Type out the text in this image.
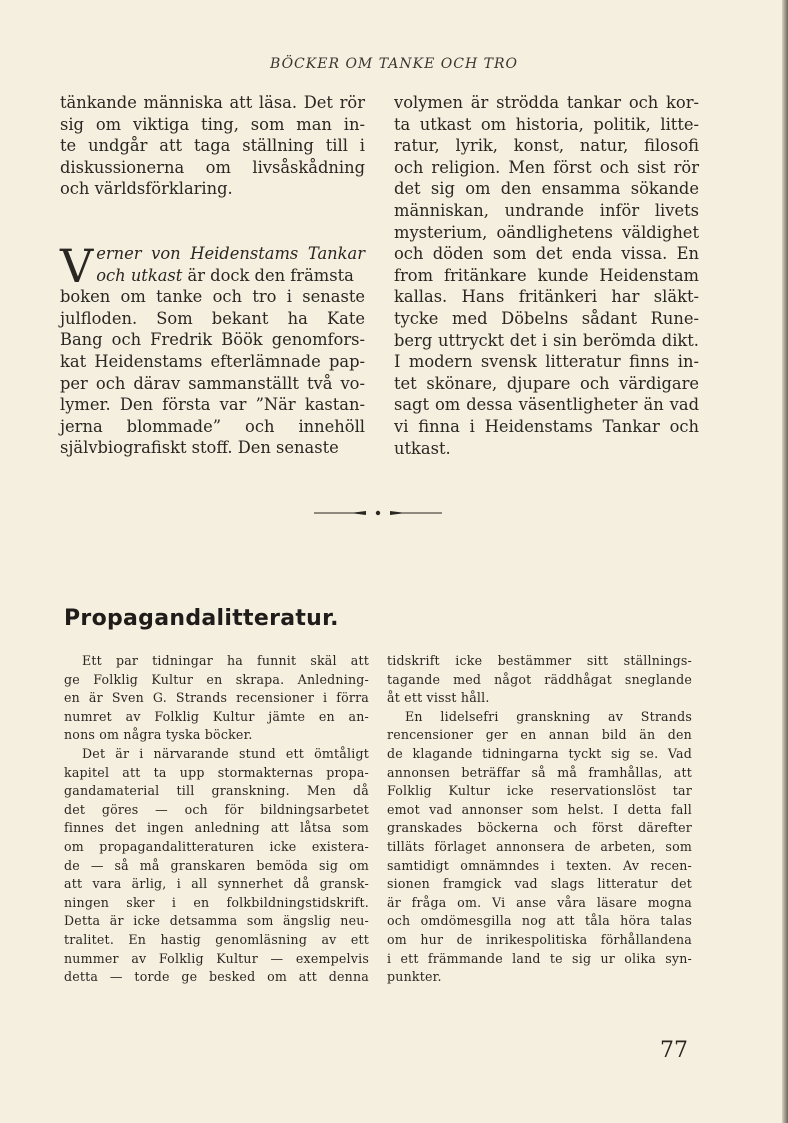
BÖCKER OM TANKE OCH TRO
tänkande människa att läsa. Det rör
sig om viktiga ting, som man in-
te undgår att taga ställning till i
diskussionerna om livsåskådning
och världsförklaring.
V erner von Heidenstams Tankar
och utkast är dock den främsta
boken om tanke och tro i senaste
julfloden. Som bekant ha Kate
Bang och Fredrik Böök genomfors-
kat Heidenstams efterlämnade pap-
per och därav sammanställt två vo-
lymer. Den första var ”När kastan-
jerna blommade” och innehöll
självbiografiskt stoff. Den senaste
volymen är strödda tankar och kor-
ta utkast om historia, politik, litte-
ratur, lyrik, konst, natur, filosofi
och religion. Men först och sist rör
det sig om den ensamma sökande
människan, undrande inför livets
mysterium, oändlighetens väldighet
och döden som det enda vissa. En
from fritänkare kunde Heidenstam
kallas. Hans fritänkeri har släkt-
tycke med Döbelns sådant Rune-
berg uttryckt det i sin berömda dikt.
I modern svensk litteratur finns in-
tet skönare, djupare och värdigare
sagt om dessa väsentligheter än vad
vi finna i Heidenstams Tankar och
utkast.
Propagandalitteratur.
Ett par tidningar ha funnit skäl att
ge Folklig Kultur en skrapa. Anledning-
en är Sven G. Strands recensioner i förra
numret av Folklig Kultur jämte en an-
nons om några tyska böcker.
Det är i närvarande stund ett ömtåligt
kapitel att ta upp stormakternas propa-
gandamaterial till granskning. Men då
det göres — och för bildningsarbetet
finnes det ingen anledning att låtsa som
om propagandalitteraturen icke existera-
de — så må granskaren bemöda sig om
att vara ärlig, i all synnerhet då gransk-
ningen sker i en folkbildningstidskrift.
Detta är icke detsamma som ängslig neu-
tralitet. En hastig genomläsning av ett
nummer av Folklig Kultur — exempelvis
detta — torde ge besked om att denna
tidskrift icke bestämmer sitt ställnings-
tagande med något räddhågat sneglande
åt ett visst håll.
En lidelsefri granskning av Strands
rencensioner ger en annan bild än den
de klagande tidningarna tyckt sig se. Vad
annonsen beträffar så må framhållas, att
Folklig Kultur icke reservationslöst tar
emot vad annonser som helst. I detta fall
granskades böckerna och först därefter
tilläts förlaget annonsera de arbeten, som
samtidigt omnämndes i texten. Av recen-
sionen framgick vad slags litteratur det
är fråga om. Vi anse våra läsare mogna
och omdömesgilla nog att tåla höra talas
om hur de inrikespolitiska förhållandena
i ett främmande land te sig ur olika syn-
punkter.
77
